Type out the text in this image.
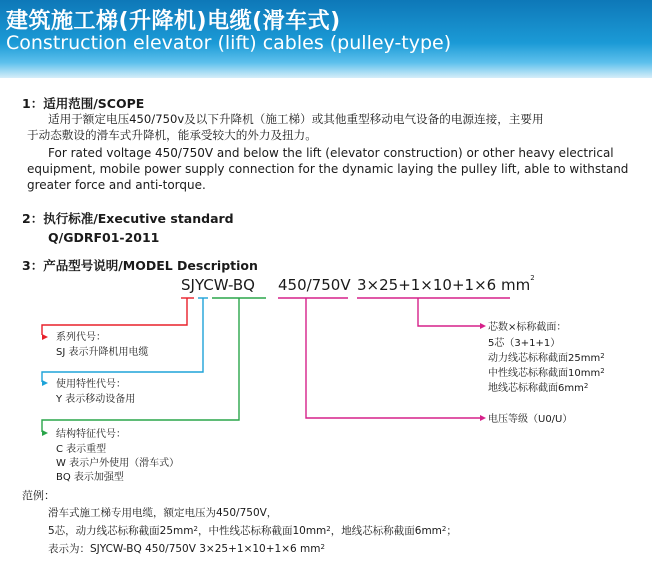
建筑施工梯(升降机)电缆(滑车式)
Construction elevator (lift) cables (pulley-type)
1：适用范围/SCOPE
适用于额定电压450/750v及以下升降机（施工梯）或其他重型移动电气设备的电源连接，主要用
于动态敷设的滑车式升降机，能承受较大的外力及扭力。
For rated voltage 450/750V and below the lift (elevator construction) or other heavy electrical
equipment, mobile power supply connection for the dynamic laying the pulley lift, able to withstand
greater force and anti-torque.
2：执行标准/Executive standard
Q/GDRF01-2011
3：产品型号说明/MODEL Description
SJYCW-BQ 450/750V 3×25+1×10+1×6 $mm^2$
系列代号：
SJ 表示升降机用电缆
使用特性代号：
Y 表示移动设备用
结构特征代号：
C 表示重型
W 表示户外使用（滑车式）
BQ 表示加强型
芯数×标称截面：
5芯（3+1+1）
动力线芯标称截面$25mm^2$
中性线芯标称截面$10mm^2$
地线芯标称截面$6mm^2$
电压等级（U0/U）
范例：
滑车式施工梯专用电缆，额定电压为450/750V，
5芯，动力线芯标称截面$25mm^2$，中性线芯标称截面$10mm^2$，地线芯标称截面$6mm^2$；
表示为：SJYCW-BQ 450/750V 3×25+1×10+1×6 $mm^2$
